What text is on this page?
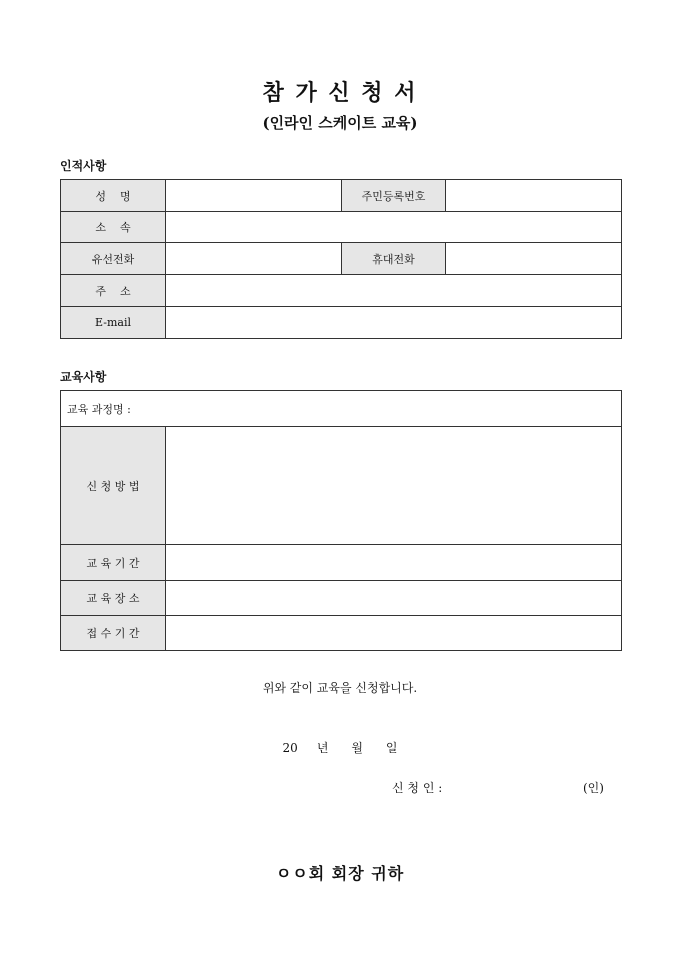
참 가 신 청 서
(인라인 스케이트 교육)
인적사항
성    명		주민등록번호	
소    속			
유선전화		휴대전화	
주    소			
E-mail			
교육사항
교육 과정명 :	
신 청 방 법	
교 육 기 간	
교 육 장 소	
접 수 기 간	
위와 같이 교육을 신청합니다.
20     년      월      일
신 청 인 :	(인)
ㅇㅇ회 회장 귀하
